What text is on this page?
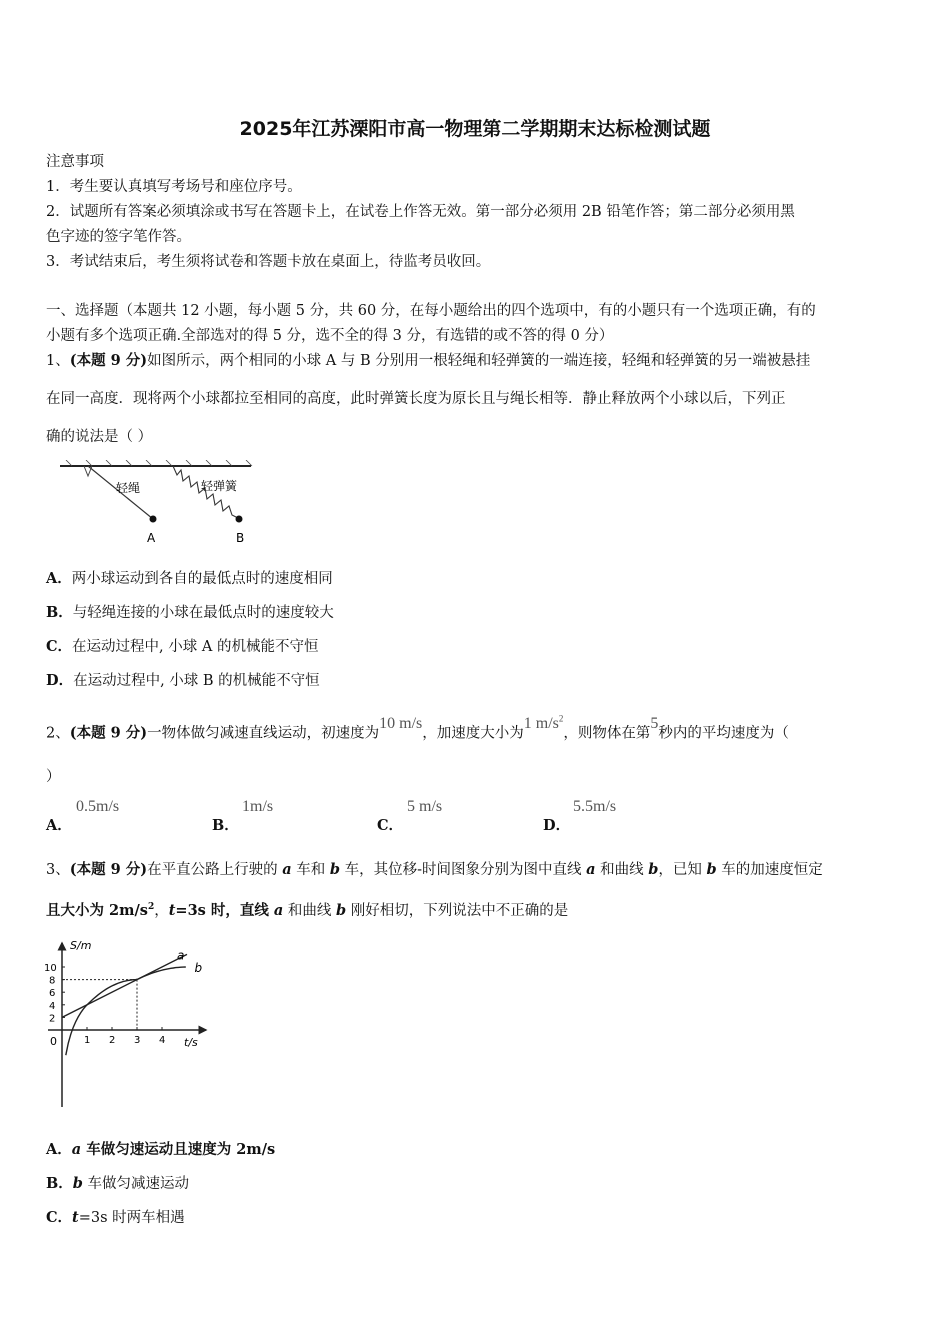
2025年江苏溧阳市高一物理第二学期期末达标检测试题
注意事项
1．考生要认真填写考场号和座位序号。
2．试题所有答案必须填涂或书写在答题卡上，在试卷上作答无效。第一部分必须用 2B 铅笔作答；第二部分必须用黑
色字迹的签字笔作答。
3．考试结束后，考生须将试卷和答题卡放在桌面上，待监考员收回。
一、选择题（本题共 12 小题，每小题 5 分，共 60 分，在每小题给出的四个选项中，有的小题只有一个选项正确，有的
小题有多个选项正确.全部选对的得 5 分，选不全的得 3 分，有选错的或不答的得 0 分）
1、(本题 9 分)如图所示，两个相同的小球 A 与 B 分别用一根轻绳和轻弹簧的一端连接，轻绳和轻弹簧的另一端被悬挂
在同一高度．现将两个小球都拉至相同的高度，此时弹簧长度为原长且与绳长相等．静止释放两个小球以后，下列正
确的说法是（ ）
轻绳	轻弹簧
A	B
A．两小球运动到各自的最低点时的速度相同
B．与轻绳连接的小球在最低点时的速度较大
C．在运动过程中, 小球 A 的机械能不守恒
D．在运动过程中, 小球 B 的机械能不守恒
2、(本题 9 分)一物体做匀减速直线运动，初速度为10 m/s，加速度大小为1 $m/s^2$，则物体在第5秒内的平均速度为（
）
A．
0.5m/s
B．
1m/s
C．
5 m/s
D．
5.5m/s
3、(本题 9 分)在平直公路上行驶的 a 车和 b 车，其位移-时间图象分别为图中直线 a 和曲线 b，已知 b 车的加速度恒定
且大小为 $2m/s^2$，t=3s 时，直线 a 和曲线 b 刚好相切，下列说法中不正确的是
S/m
t/s
0	1 2 3 4
2
4
6
8
10
a
b
A．a 车做匀速运动且速度为 2m/s
B．b 车做匀减速运动
C．t=3s 时两车相遇
